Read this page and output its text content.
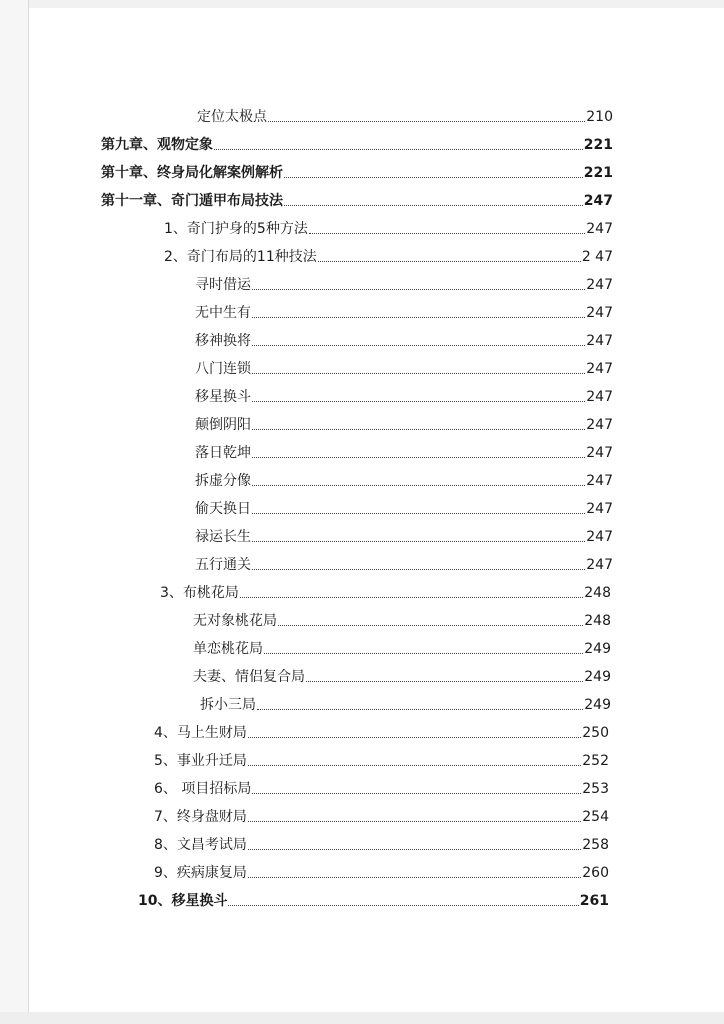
定位太极点	210
第九章、观物定象	221
第十章、终身局化解案例解析	221
第十一章、奇门遁甲布局技法	247
1、奇门护身的5种方法	247
2、奇门布局的11种技法	2 47
寻时借运	247
无中生有	247
移神换将	247
八门连锁	247
移星换斗	247
颠倒阴阳	247
落日乾坤	247
拆虚分像	247
偷天换日	247
禄运长生	247
五行通关	247
3、布桃花局	248
无对象桃花局	248
单恋桃花局	249
夫妻、情侣复合局	249
拆小三局	249
4、马上生财局	250
5、事业升迁局	252
6、 项目招标局	253
7、终身盘财局	254
8、文昌考试局	258
9、疾病康复局	260
10、移星换斗	261
